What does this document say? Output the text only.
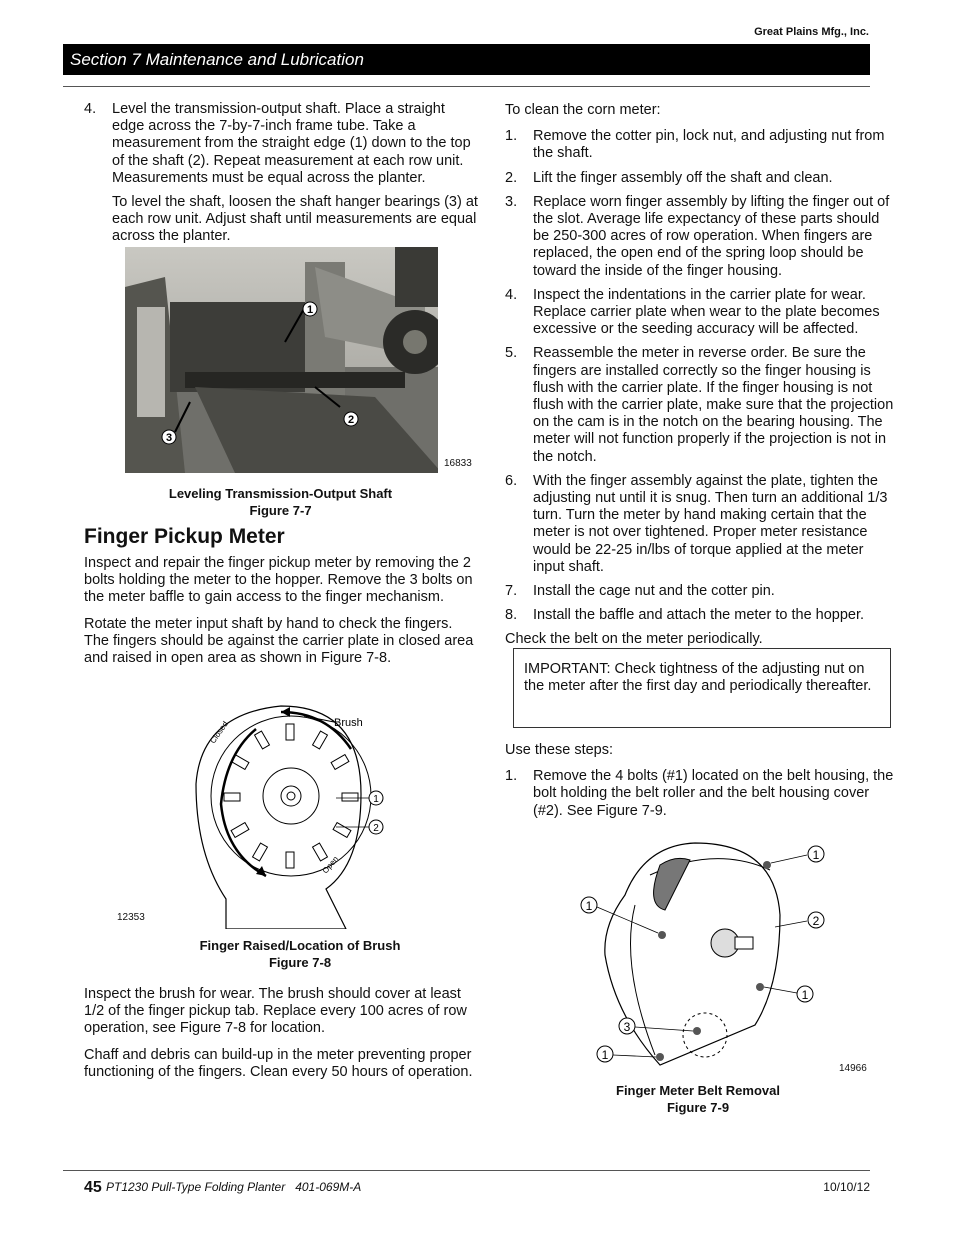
Great Plains Mfg., Inc.
Section 7 Maintenance and Lubrication
4.	Level the transmission-output shaft. Place a straight edge across the 7-by-7-inch frame tube. Take a measurement from the straight edge (1) down to the top of the shaft (2). Repeat measurement at each row unit. Measurements must be equal across the planter.

To level the shaft, loosen the shaft hanger bearings (3) at each row unit. Adjust shaft until measurements are equal across the planter.

1
2
3
16833
Leveling Transmission-Output Shaft
Figure 7-7
Finger Pickup Meter

Inspect and repair the finger pickup meter by removing the 2 bolts holding the meter to the hopper. Remove the 3 bolts on the meter baffle to gain access to the finger mechanism.

Rotate the meter input shaft by hand to check the fingers. The fingers should be against the carrier plate in closed area and raised in open area as shown in Figure 7-8.

Brush
Closed
Open
1
2
12353
Finger Raised/Location of Brush
Figure 7-8

Inspect the brush for wear. The brush should cover at least 1/2 of the finger pickup tab. Replace every 100 acres of row operation, see Figure 7-8 for location.

Chaff and debris can build-up in the meter preventing proper functioning of the fingers. Clean every 50 hours of operation.

To clean the corn meter:

1.	Remove the cotter pin, lock nut, and adjusting nut from the shaft.
2.	Lift the finger assembly off the shaft and clean.
3.	Replace worn finger assembly by lifting the finger out of the slot. Average life expectancy of these parts should be 250-300 acres of row operation. When fingers are replaced, the open end of the spring loop should be toward the inside of the finger housing.
4.	Inspect the indentations in the carrier plate for wear. Replace carrier plate when wear to the plate becomes excessive or the seeding accuracy will be affected.
5.	Reassemble the meter in reverse order. Be sure the fingers are installed correctly so the finger housing is flush with the carrier plate. If the finger housing is not flush with the carrier plate, make sure that the projection on the cam is in the notch on the bearing housing. The meter will not function properly if the projection is not in the notch.
6.	With the finger assembly against the plate, tighten the adjusting nut until it is snug. Then turn an additional 1/3 turn. Turn the meter by hand making certain that the meter is not over tightened. Proper meter resistance would be 22-25 in/lbs of torque applied at the meter input shaft.
7.	Install the cage nut and the cotter pin.
8.	Install the baffle and attach the meter to the hopper.

Check the belt on the meter periodically.

IMPORTANT: Check tightness of the adjusting nut on the meter after the first day and periodically thereafter.

Use these steps:

1.	Remove the 4 bolts (#1) located on the belt housing, the bolt holding the belt roller and the belt housing cover (#2). See Figure 7-9.
1
1
2
1
3
1
14966
Finger Meter Belt Removal
Figure 7-9
45 PT1230 Pull-Type Folding Planter   401-069M-A	10/10/12
